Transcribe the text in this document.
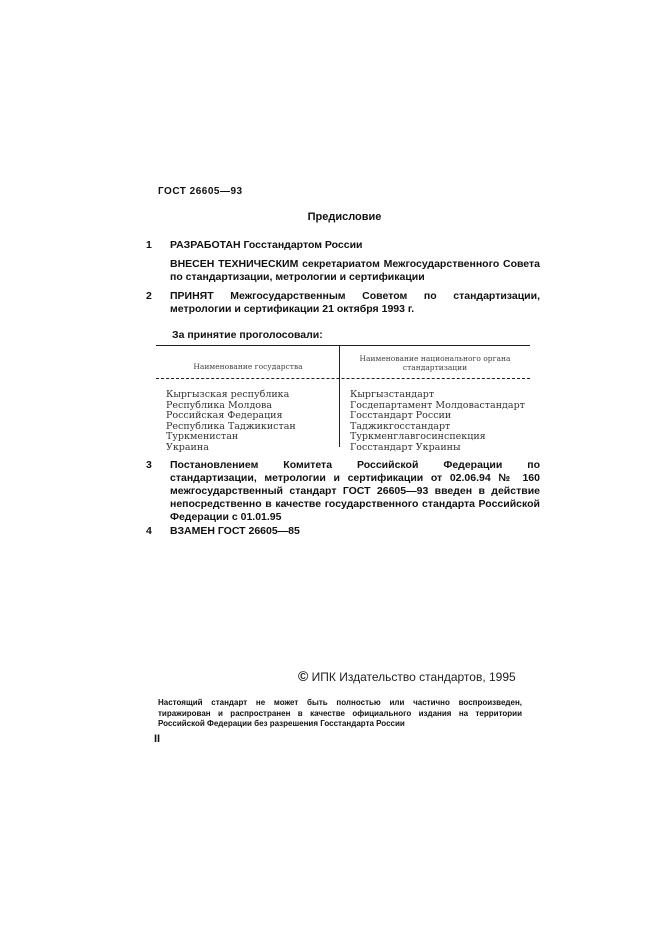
ГОСТ 26605—93
Предисловие
1 РАЗРАБОТАН Госстандартом России
ВНЕСЕН ТЕХНИЧЕСКИМ секретариатом Межгосударственного Совета по стандартизации, метрологии и сертификации
2 ПРИНЯТ Межгосударственным Советом по стандартизации, метрологии и сертификации 21 октября 1993 г.
За принятие проголосовали:
Наименование государства
Наименование национального органа стандартизации
Кыргызская республика
Республика Молдова
Российская Федерация
Республика Таджикистан
Туркменистан
Украина
Кыргызстандарт
Госдепартамент Молдовастандарт
Госстандарт России
Таджикгосстандарт
Туркменглавгосинспекция
Госстандарт Украины
3 Постановлением Комитета Российской Федерации по стандартизации, метрологии и сертификации от 02.06.94 № 160 межгосударственный стандарт ГОСТ 26605—93 введен в действие непосредственно в качестве государственного стандарта Российской Федерации с 01.01.95
4 ВЗАМЕН ГОСТ 26605—85
© ИПК Издательство стандартов, 1995
Настоящий стандарт не может быть полностью или частично воспроизведен, тиражирован и распространен в качестве официального издания на территории Российской Федерации без разрешения Госстандарта России
II
